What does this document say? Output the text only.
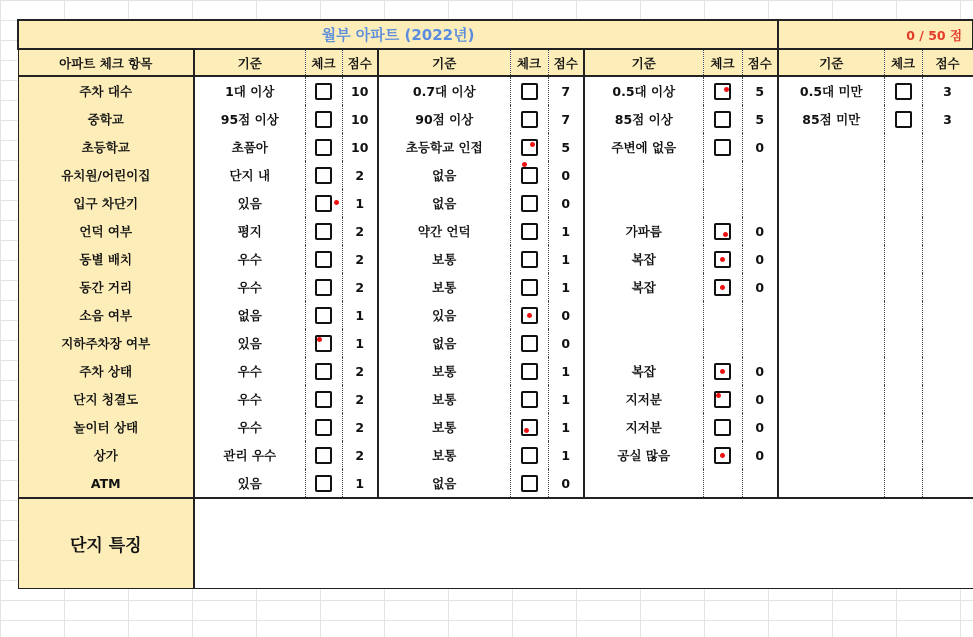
월부 아파트 (2022년)										0 / 50 점		
아파트 체크 항목	기준	체크	점수	기준	체크	점수	기준	체크	점수	기준	체크	점수
주차 대수	1대 이상		10	0.7대 이상		7	0.5대 이상		5	0.5대 미만		3
중학교	95점 이상		10	90점 이상		7	85점 이상		5	85점 미만		3
초등학교	초품아		10	초등학교 인접		5	주변에 없음		0			
유치원/어린이집	단지 내		2	없음		0						
입구 차단기	있음		1	없음		0						
언덕 여부	평지		2	약간 언덕		1	가파름		0			
동별 배치	우수		2	보통		1	복잡		0			
동간 거리	우수		2	보통		1	복잡		0			
소음 여부	없음		1	있음		0						
지하주차장 여부	있음		1	없음		0						
주차 상태	우수		2	보통		1	복잡		0			
단지 청결도	우수		2	보통		1	지저분		0			
놀이터 상태	우수		2	보통		1	지저분		0			
상가	관리 우수		2	보통		1	공실 많음		0			
ATM	있음		1	없음		0						
단지 특징												
